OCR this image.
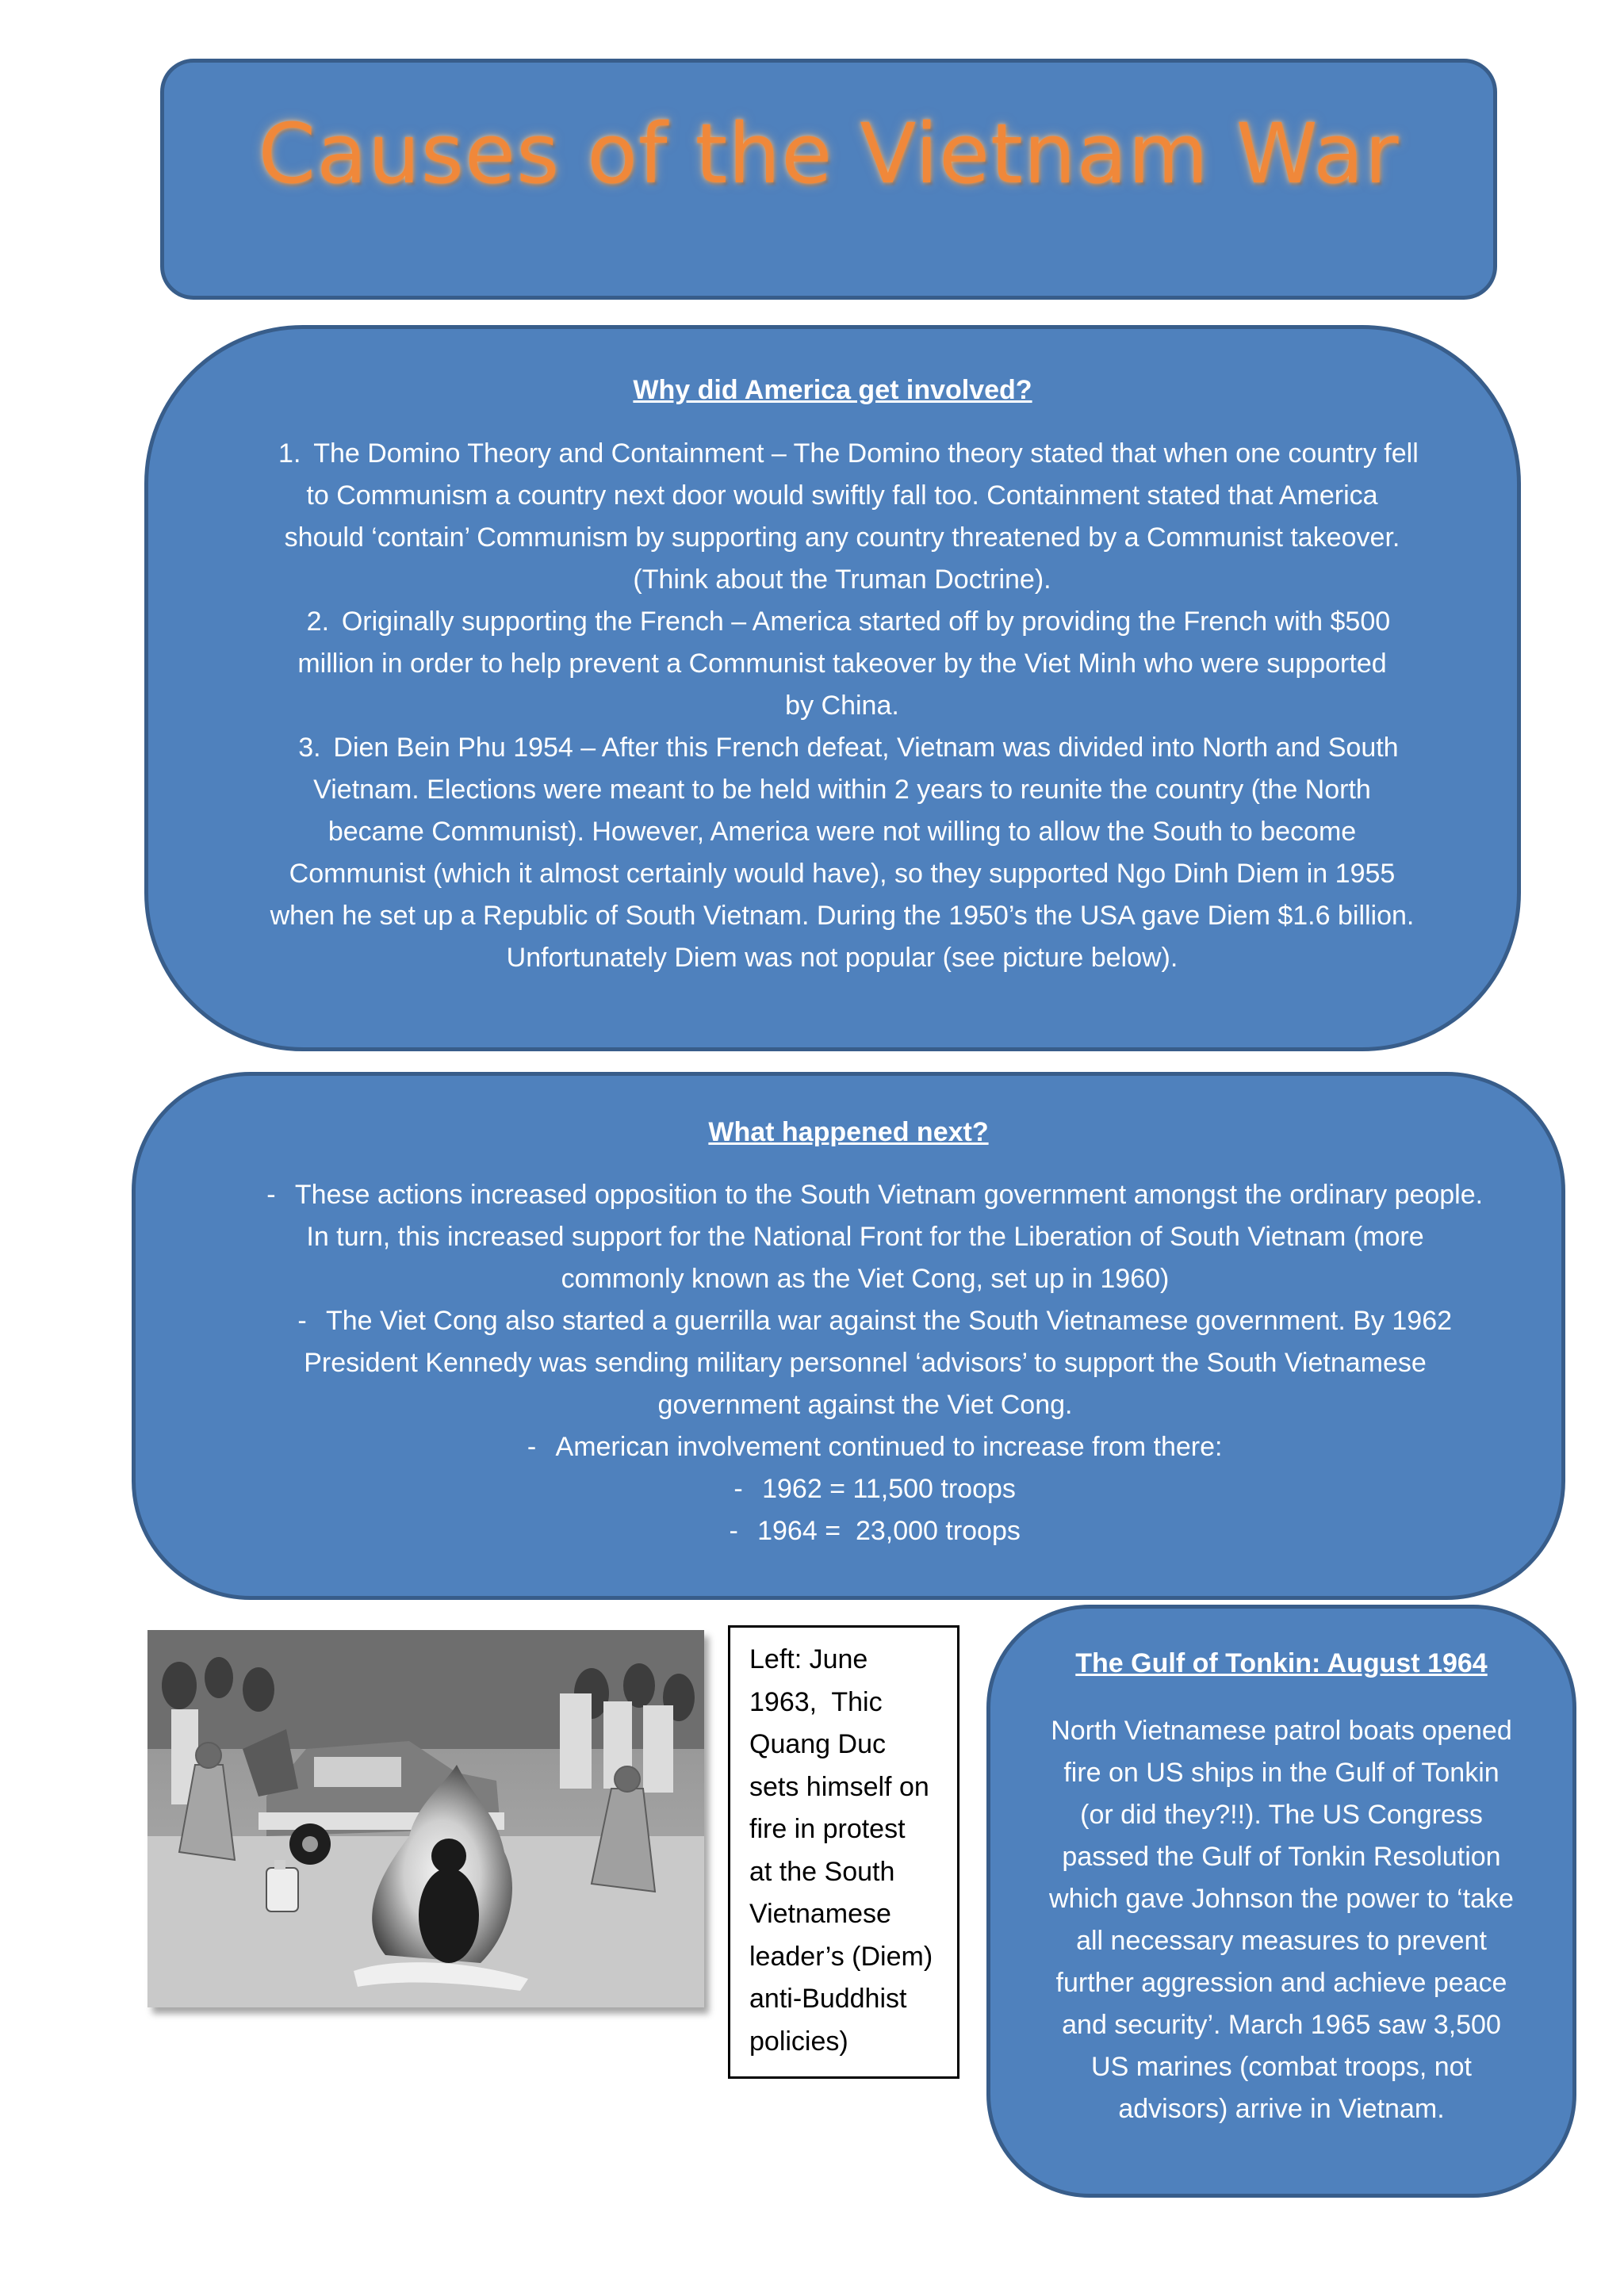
Causes of the Vietnam War
Why did America get involved?

1. The Domino Theory and Containment – The Domino theory stated that when one country fell
to Communism a country next door would swiftly fall too. Containment stated that America
should ‘contain’ Communism by supporting any country threatened by a Communist takeover.
(Think about the Truman Doctrine).

2. Originally supporting the French – America started off by providing the French with $500
million in order to help prevent a Communist takeover by the Viet Minh who were supported
by China.

3. Dien Bein Phu 1954 – After this French defeat, Vietnam was divided into North and South
Vietnam. Elections were meant to be held within 2 years to reunite the country (the North
became Communist). However, America were not willing to allow the South to become
Communist (which it almost certainly would have), so they supported Ngo Dinh Diem in 1955
when he set up a Republic of South Vietnam. During the 1950’s the USA gave Diem $1.6 billion.
Unfortunately Diem was not popular (see picture below).

What happened next?

- These actions increased opposition to the South Vietnam government amongst the ordinary people.
In turn, this increased support for the National Front for the Liberation of South Vietnam (more
commonly known as the Viet Cong, set up in 1960)

- The Viet Cong also started a guerrilla war against the South Vietnamese government. By 1962
President Kennedy was sending military personnel ‘advisors’ to support the South Vietnamese
government against the Viet Cong.

- American involvement continued to increase from there:

- 1962 = 11,500 troops

- 1964 =  23,000 troops

Left: June
1963,  Thic
Quang Duc
sets himself on
fire in protest
at the South
Vietnamese
leader’s (Diem)
anti-Buddhist
policies)
The Gulf of Tonkin: August 1964

North Vietnamese patrol boats opened
fire on US ships in the Gulf of Tonkin
(or did they?!!). The US Congress
passed the Gulf of Tonkin Resolution
which gave Johnson the power to ‘take
all necessary measures to prevent
further aggression and achieve peace
and security’. March 1965 saw 3,500
US marines (combat troops, not
advisors) arrive in Vietnam.
